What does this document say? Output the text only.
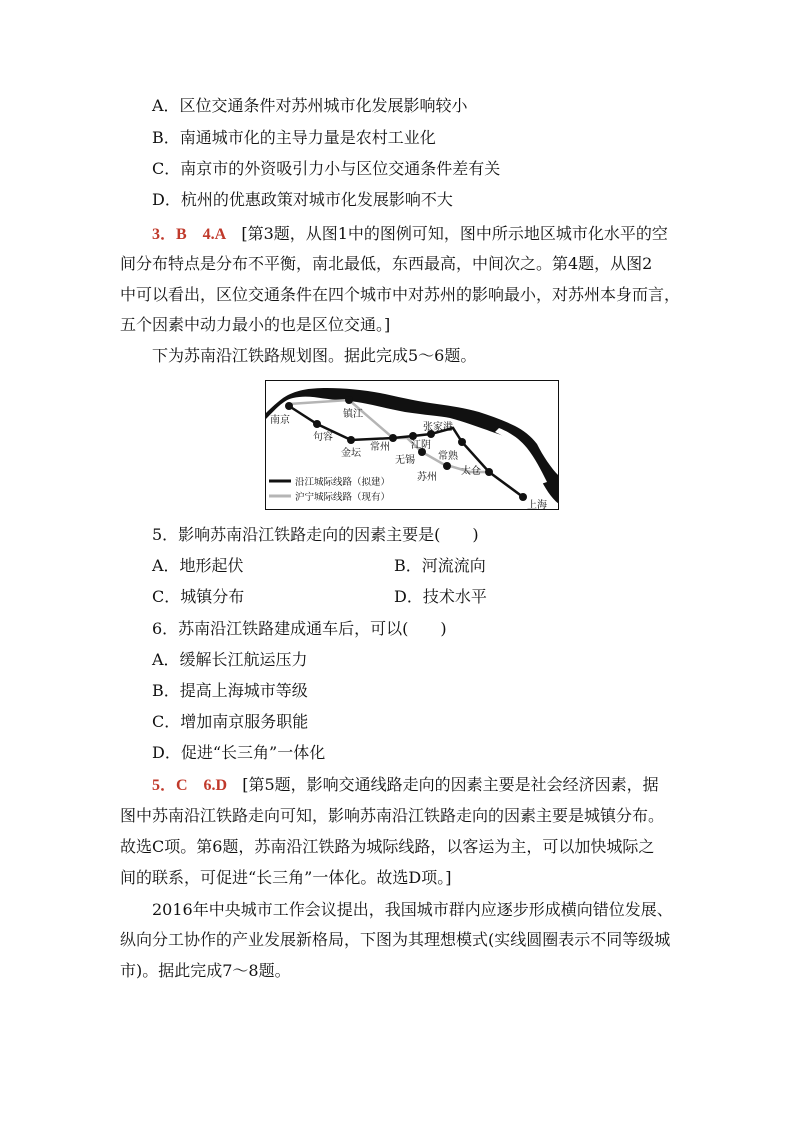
A．区位交通条件对苏州城市化发展影响较小
B．南通城市化的主导力量是农村工业化
C．南京市的外资吸引力小与区位交通条件差有关
D．杭州的优惠政策对城市化发展影响不大
3．B　4.A [第3题，从图1中的图例可知，图中所示地区城市化水平的空
间分布特点是分布不平衡，南北最低，东西最高，中间次之。第4题，从图2
中可以看出，区位交通条件在四个城市中对苏州的影响最小，对苏州本身而言，
五个因素中动力最小的也是区位交通。]
下为苏南沿江铁路规划图。据此完成5～6题。
南京
镇江
句容
金坛
常州 江阴
张家港
无锡 常熟
苏州
太仓
上海
沿江城际线路（拟建）
沪宁城际线路（现有）
5．影响苏南沿江铁路走向的因素主要是(　　)
A．地形起伏	B．河流流向
C．城镇分布	D．技术水平
6．苏南沿江铁路建成通车后，可以(　　)
A．缓解长江航运压力
B．提高上海城市等级
C．增加南京服务职能
D．促进“长三角”一体化
5．C　6.D [第5题，影响交通线路走向的因素主要是社会经济因素，据
图中苏南沿江铁路走向可知，影响苏南沿江铁路走向的因素主要是城镇分布。
故选C项。第6题，苏南沿江铁路为城际线路，以客运为主，可以加快城际之
间的联系，可促进“长三角”一体化。故选D项。]
2016年中央城市工作会议提出，我国城市群内应逐步形成横向错位发展、
纵向分工协作的产业发展新格局，下图为其理想模式(实线圆圈表示不同等级城
市)。据此完成7～8题。
